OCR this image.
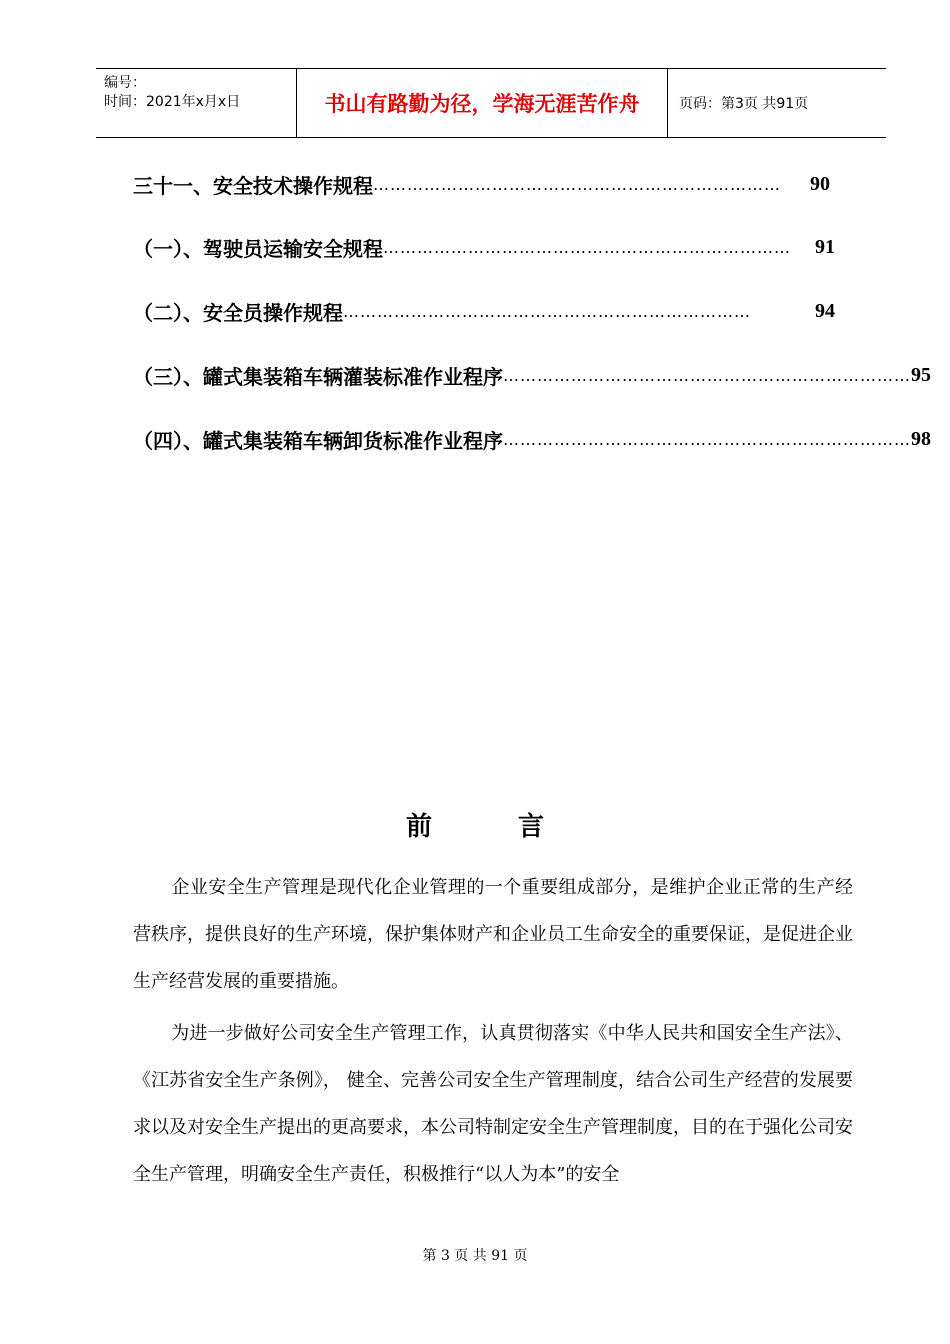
编号：
时间：2021年x月x日	书山有路勤为径，学海无涯苦作舟	页码：第3页 共91页
三十一、安全技术操作规程 ………………………………………………………………	90
（一）、驾驶员运输安全规程 ………………………………………………………………	91
（二）、安全员操作规程 ………………………………………………………………	94
（三）、罐式集装箱车辆灌装标准作业程序 ……………………………………………………………… 95
（四）、罐式集装箱车辆卸货标准作业程序 ……………………………………………………………… 98
前	言
企业安全生产管理是现代化企业管理的一个重要组成部分，是维护企业正常的生产经营秩序，提供良好的生产环境，保护集体财产和企业员工生命安全的重要保证，是促进企业生产经营发展的重要措施。
为进一步做好公司安全生产管理工作，认真贯彻落实《中华人民共和国安全生产法》、《江苏省安全生产条例》， 健全、完善公司安全生产管理制度，结合公司生产经营的发展要求以及对安全生产提出的更高要求，本公司特制定安全生产管理制度，目的在于强化公司安全生产管理，明确安全生产责任，积极推行“以人为本”的安全
第 3 页 共 91 页
